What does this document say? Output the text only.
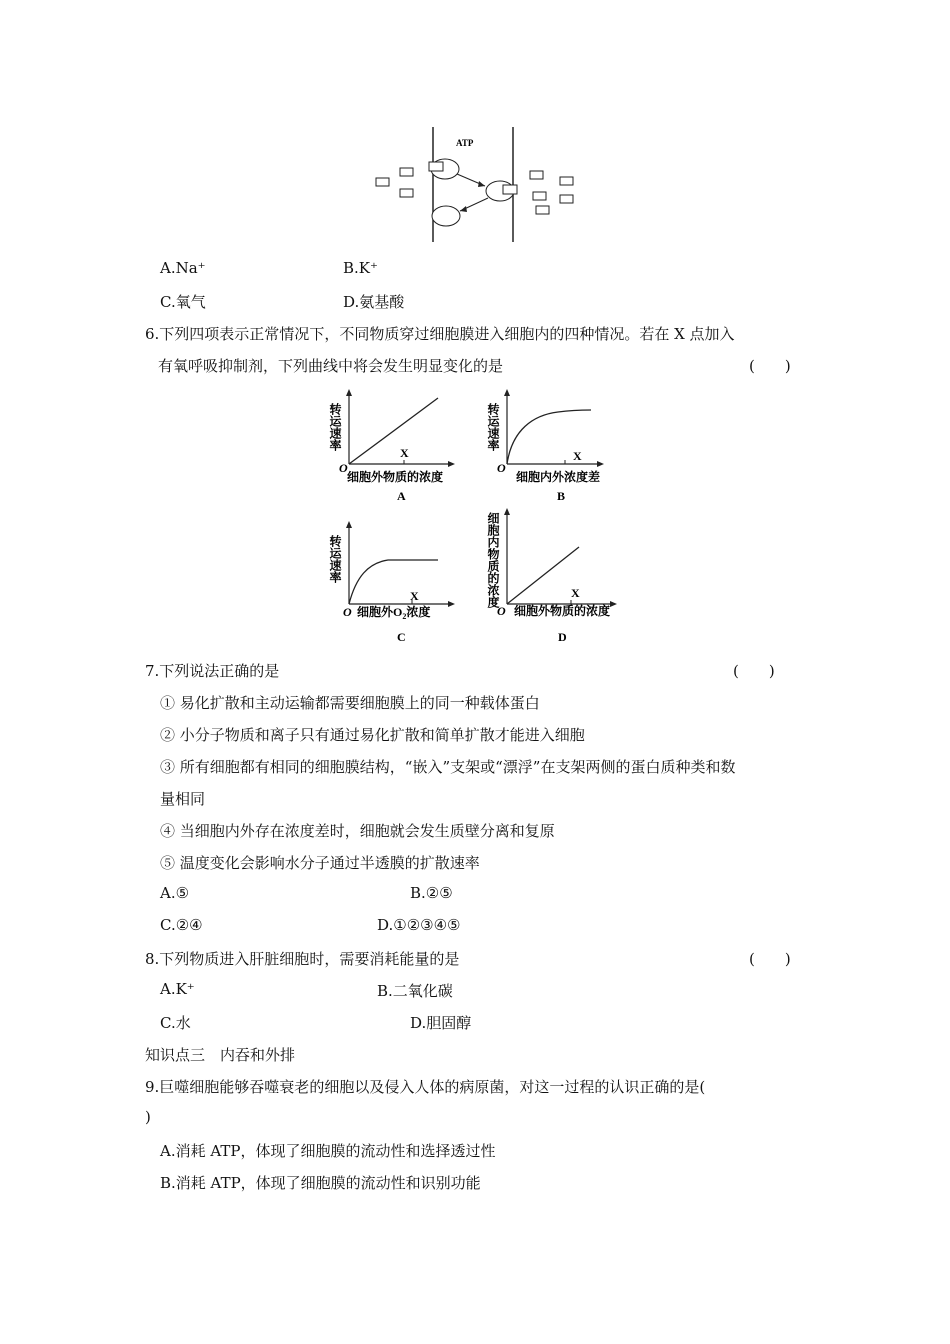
ATP
A.Na⁺	B.K⁺
C.氧气	D.氨基酸
6.下列四项表示正常情况下，不同物质穿过细胞膜进入细胞内的四种情况。若在 X 点加入
有氧呼吸抑制剂，下列曲线中将会发生明显变化的是	(　　)
转运速率
O
X
细胞外物质的浓度
A
转运速率
O
X
细胞内外浓度差
B
转运速率
O
X
细胞外$O_2$浓度
C
细胞内物质的浓度
O
X
细胞外物质的浓度
D
7.下列说法正确的是	(　　)
① 易化扩散和主动运输都需要细胞膜上的同一种载体蛋白
② 小分子物质和离子只有通过易化扩散和简单扩散才能进入细胞
③ 所有细胞都有相同的细胞膜结构，“嵌入”支架或“漂浮”在支架两侧的蛋白质种类和数
量相同
④ 当细胞内外存在浓度差时，细胞就会发生质壁分离和复原
⑤ 温度变化会影响水分子通过半透膜的扩散速率
A.⑤	B.②⑤
C.②④	D.①②③④⑤
8.下列物质进入肝脏细胞时，需要消耗能量的是	(　　)
A.K⁺	B.二氧化碳
C.水	D.胆固醇
知识点三　内吞和外排
9.巨噬细胞能够吞噬衰老的细胞以及侵入人体的病原菌，对这一过程的认识正确的是(
)
A.消耗 ATP，体现了细胞膜的流动性和选择透过性
B.消耗 ATP，体现了细胞膜的流动性和识别功能
